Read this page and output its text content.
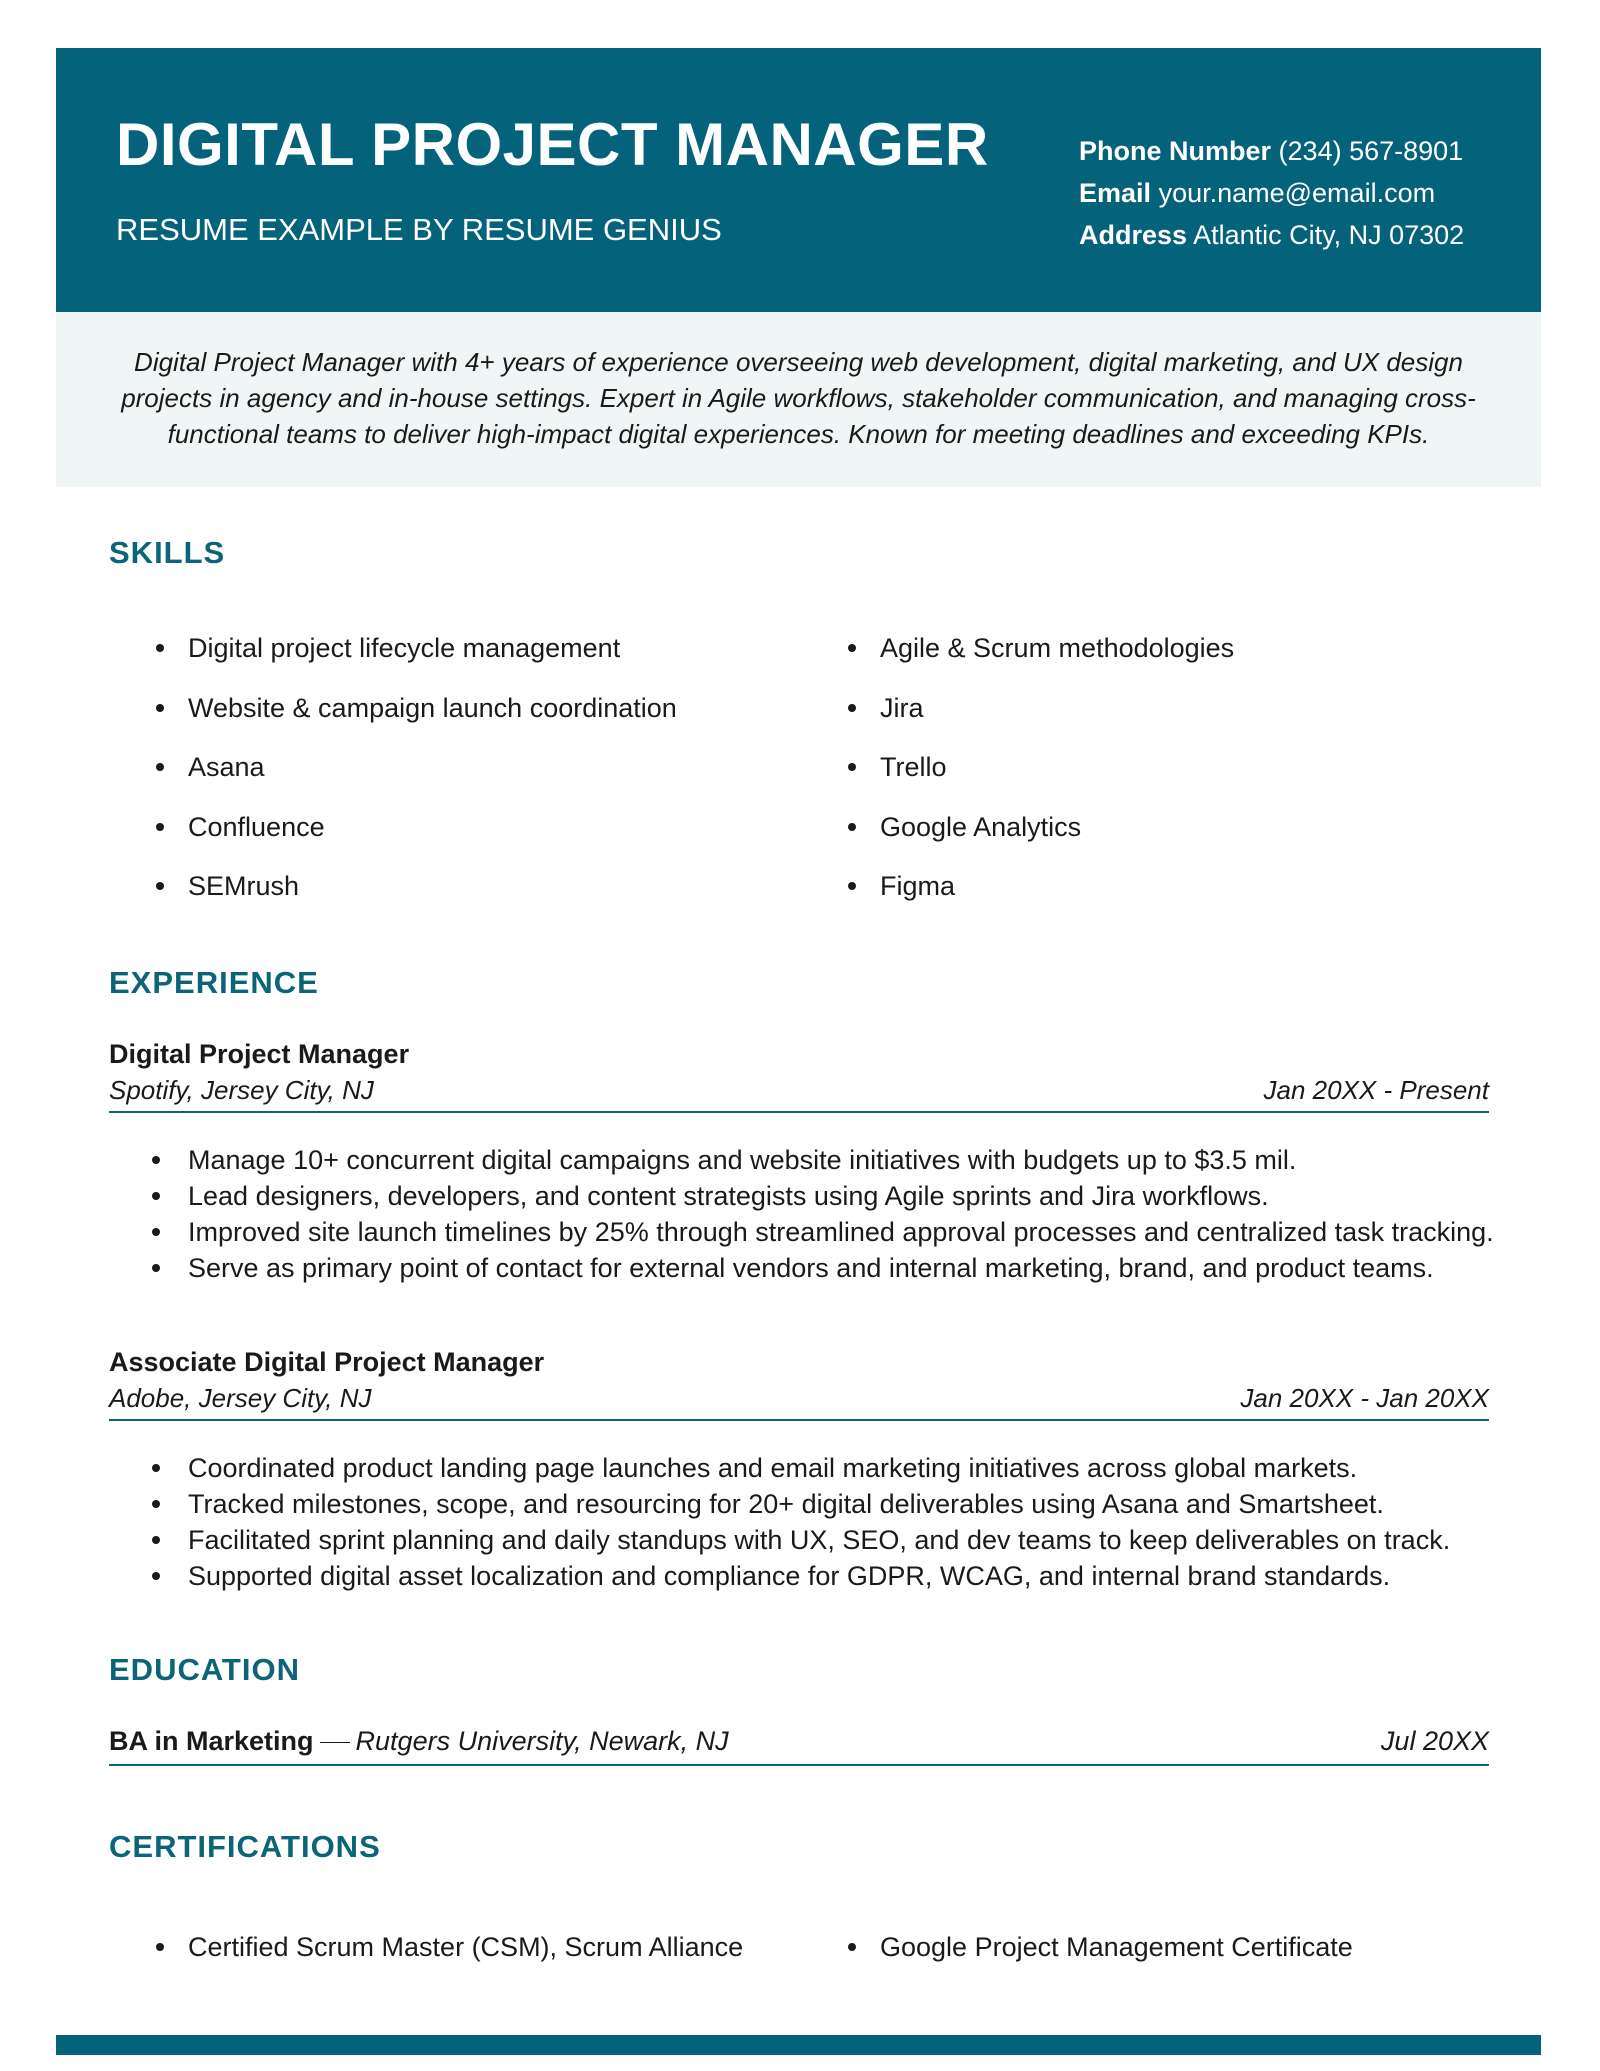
DIGITAL PROJECT MANAGER
RESUME EXAMPLE BY RESUME GENIUS
Phone Number (234) 567-8901
Email your.name@email.com
Address Atlantic City, NJ 07302

Digital Project Manager with 4+ years of experience overseeing web development, digital marketing, and UX design projects in agency and in-house settings. Expert in Agile workflows, stakeholder communication, and managing cross-functional teams to deliver high-impact digital experiences. Known for meeting deadlines and exceeding KPIs.

SKILLS
Digital project lifecycle management
Website & campaign launch coordination
Asana
Confluence
SEMrush
Agile & Scrum methodologies
Jira
Trello
Google Analytics
Figma
EXPERIENCE
Digital Project Manager
Spotify, Jersey City, NJ	Jan 20XX - Present
Manage 10+ concurrent digital campaigns and website initiatives with budgets up to $3.5 mil.
Lead designers, developers, and content strategists using Agile sprints and Jira workflows.
Improved site launch timelines by 25% through streamlined approval processes and centralized task tracking.
Serve as primary point of contact for external vendors and internal marketing, brand, and product teams.
Associate Digital Project Manager
Adobe, Jersey City, NJ	Jan 20XX - Jan 20XX
Coordinated product landing page launches and email marketing initiatives across global markets.
Tracked milestones, scope, and resourcing for 20+ digital deliverables using Asana and Smartsheet.
Facilitated sprint planning and daily standups with UX, SEO, and dev teams to keep deliverables on track.
Supported digital asset localization and compliance for GDPR, WCAG, and internal brand standards.
EDUCATION
BA in Marketing Rutgers University, Newark, NJ	Jul 20XX
CERTIFICATIONS
Certified Scrum Master (CSM), Scrum Alliance	Google Project Management Certificate
